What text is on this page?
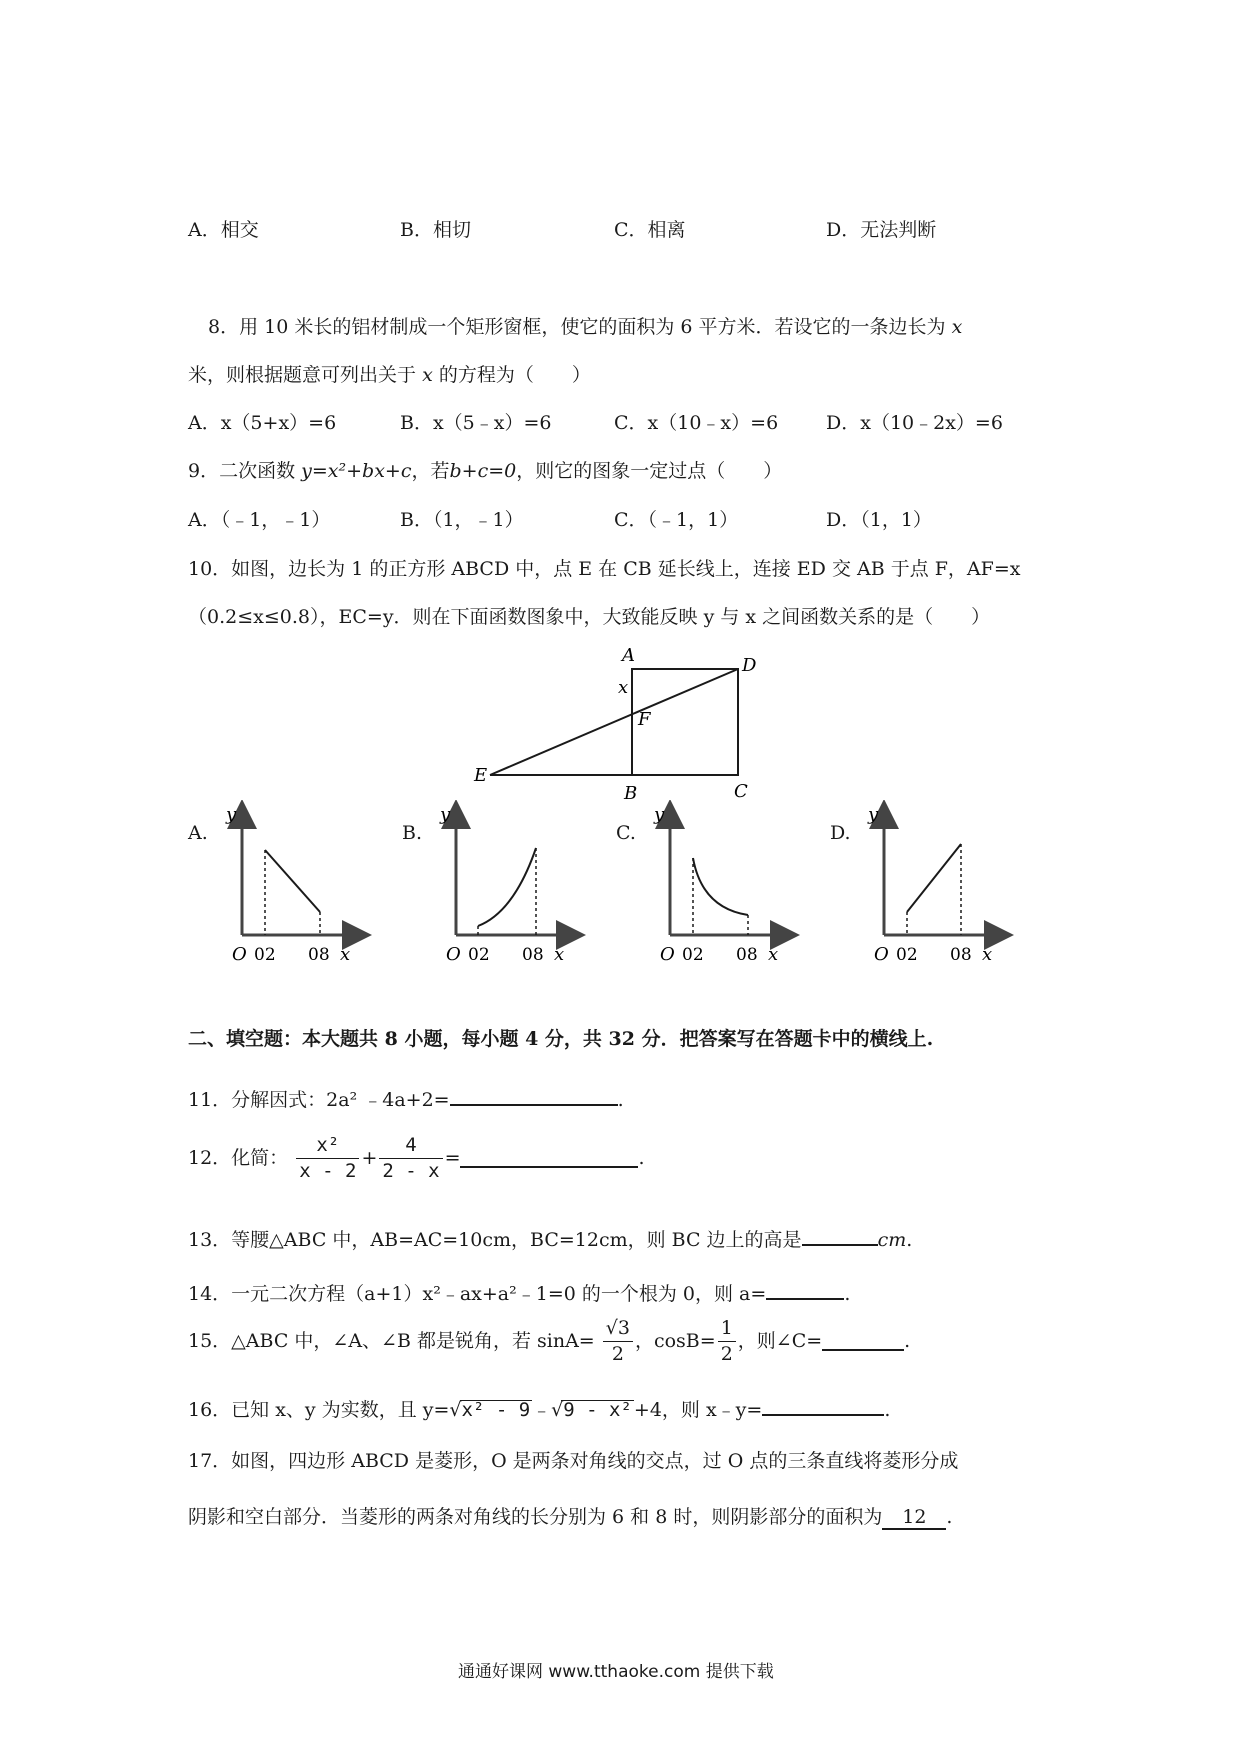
A．相交	B．相切	C．相离	D．无法判断
8．用 10 米长的铝材制成一个矩形窗框，使它的面积为 6 平方米．若设它的一条边长为 x
米，则根据题意可列出关于 x 的方程为（　　）
A．x（5+x）=6	B．x（5﹣x）=6	C．x（10﹣x）=6	D．x（10﹣2x）=6
9．二次函数 y=x²+bx+c，若b+c=0，则它的图象一定过点（　　）
A．（﹣1，﹣1）	B．（1，﹣1）	C．（﹣1，1）	D．（1，1）
10．如图，边长为 1 的正方形 ABCD 中，点 E 在 CB 延长线上，连接 ED 交 AB 于点 F，AF=x
（0.2≤x≤0.8），EC=y．则在下面函数图象中，大致能反映 y 与 x 之间函数关系的是（　　）
A	D
x
F
E
B	C
A.	B.	C.	D.
y
O 02 08 x
y
O 02 08 x
y
O 02 08 x
y
O 02 08 x
二、填空题：本大题共 8 小题，每小题 4 分，共 32 分．把答案写在答题卡中的横线上.
11．分解因式：2a² ﹣4a+2=	.
12．化简： $\frac{\text{x²}}{x - 2} + \frac{4}{2 - x}$ =	.
13．等腰△ABC 中，AB=AC=10cm，BC=12cm，则 BC 边上的高是	cm.
14．一元二次方程（a+1）x²﹣ax+a²﹣1=0 的一个根为 0，则 a=	.
15．△ABC 中，∠A、∠B 都是锐角，若 $\sin A= \frac{√3}{2}$ ，$\cos B= \frac{1}{2}$ ，则∠C=	.
16．已知 x、y 为实数，且 y=√x² - 9 ﹣√9 - x² +4，则 x﹣y=	.
17．如图，四边形 ABCD 是菱形，O 是两条对角线的交点，过 O 点的三条直线将菱形分成
阴影和空白部分．当菱形的两条对角线的长分别为 6 和 8 时，则阴影部分的面积为 12 .
通通好课网 www.tthaoke.com 提供下载
